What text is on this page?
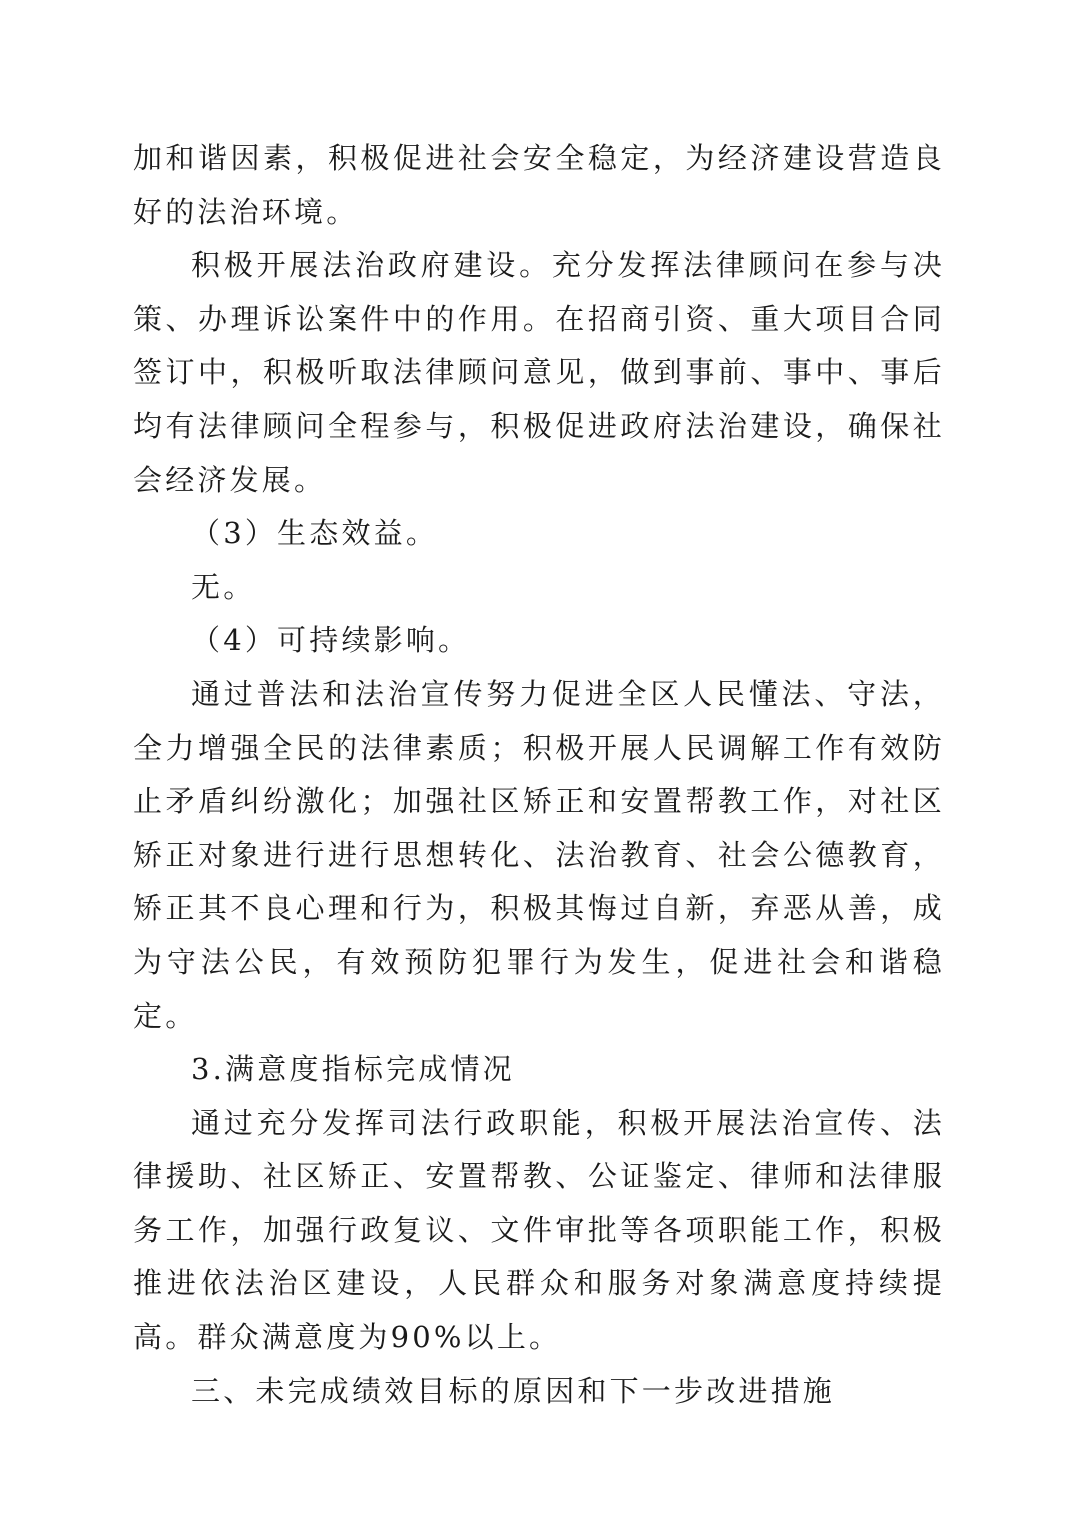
加和谐因素，积极促进社会安全稳定，为经济建设营造良好的法治环境。

积极开展法治政府建设。充分发挥法律顾问在参与决策、办理诉讼案件中的作用。在招商引资、重大项目合同签订中，积极听取法律顾问意见，做到事前、事中、事后均有法律顾问全程参与，积极促进政府法治建设，确保社会经济发展。

（3）生态效益。

无。

（4）可持续影响。

通过普法和法治宣传努力促进全区人民懂法、守法，全力增强全民的法律素质；积极开展人民调解工作有效防止矛盾纠纷激化；加强社区矫正和安置帮教工作，对社区矫正对象进行进行思想转化、法治教育、社会公德教育，矫正其不良心理和行为，积极其悔过自新，弃恶从善，成为守法公民，有效预防犯罪行为发生，促进社会和谐稳定。

3.满意度指标完成情况

通过充分发挥司法行政职能，积极开展法治宣传、法律援助、社区矫正、安置帮教、公证鉴定、律师和法律服务工作，加强行政复议、文件审批等各项职能工作，积极推进依法治区建设，人民群众和服务对象满意度持续提高。群众满意度为90%以上。

三、未完成绩效目标的原因和下一步改进措施
